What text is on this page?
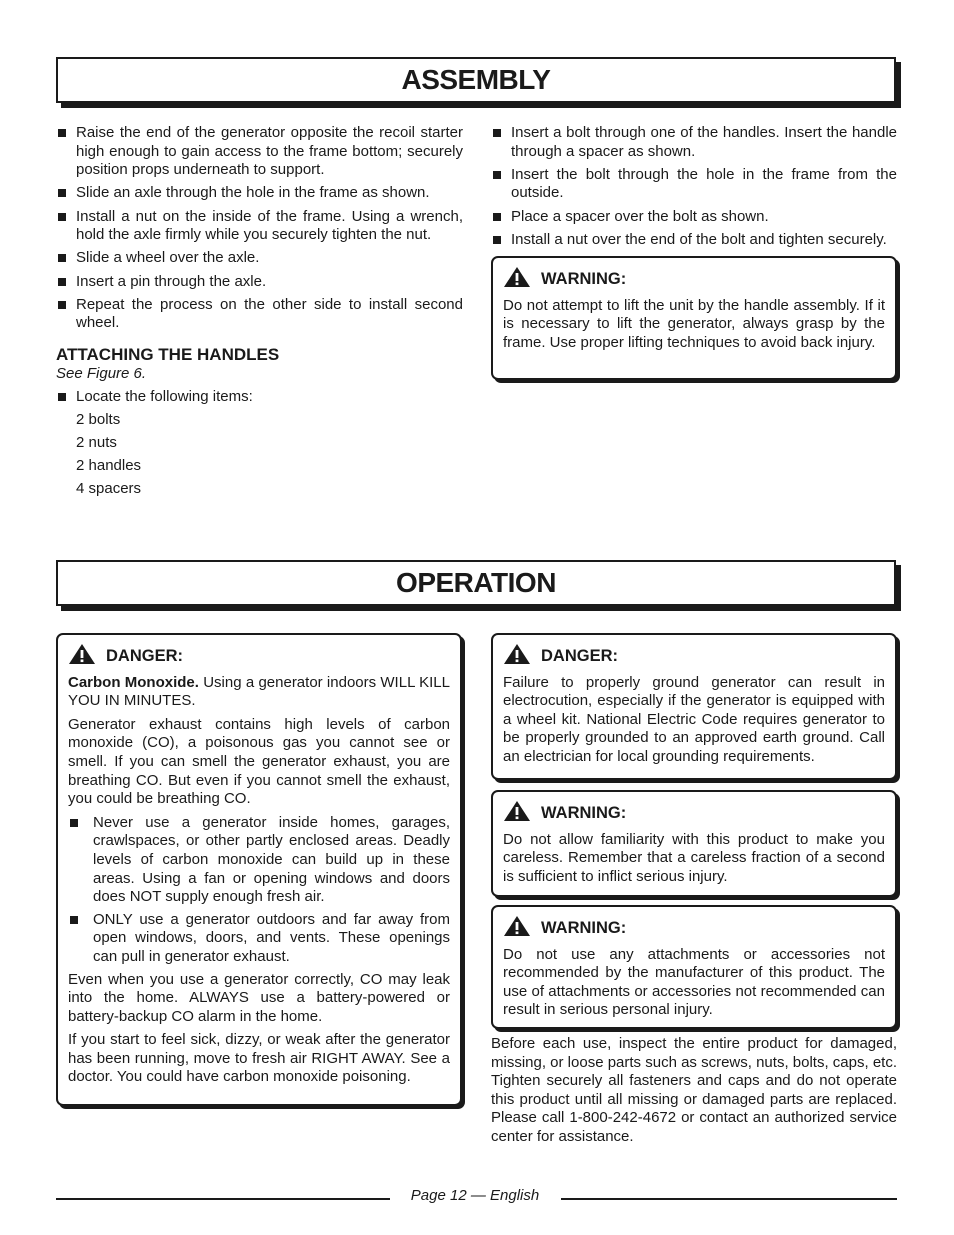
ASSEMBLY
Raise the end of the generator opposite the recoil starter high enough to gain access to the frame bottom; securely position props underneath to support.
Slide an axle through the hole in the frame as shown.
Install a nut on the inside of the frame. Using a wrench, hold the axle firmly while you securely tighten the nut.
Slide a wheel over the axle.
Insert a pin through the axle.
Repeat the process on the other side to install second wheel.
ATTACHING THE HANDLES
See Figure 6.
Locate the following items:
2 bolts
2 nuts
2 handles
4 spacers
Insert a bolt through one of the handles. Insert the handle through a spacer as shown.
Insert the bolt through the hole in the frame from the outside.
Place a spacer over the bolt as shown.
Install a nut over the end of the bolt and tighten securely.
WARNING:

Do not attempt to lift the unit by the handle assembly. If it is necessary to lift the generator, always grasp by the frame. Use proper lifting techniques to avoid back injury.

OPERATION
DANGER:

Carbon Monoxide. Using a generator indoors WILL KILL YOU IN MINUTES.

Generator exhaust contains high levels of carbon monoxide (CO), a poisonous gas you cannot see or smell. If you can smell the generator exhaust, you are breathing CO. But even if you cannot smell the exhaust, you could be breathing CO.

Never use a generator inside homes, garages, crawlspaces, or other partly enclosed areas. Deadly levels of carbon monoxide can build up in these areas. Using a fan or opening windows and doors does NOT supply enough fresh air.
ONLY use a generator outdoors and far away from open windows, doors, and vents. These openings can pull in generator exhaust.

Even when you use a generator correctly, CO may leak into the home. ALWAYS use a battery-powered or battery-backup CO alarm in the home.

If you start to feel sick, dizzy, or weak after the generator has been running, move to fresh air RIGHT AWAY. See a doctor. You could have carbon monoxide poisoning.

DANGER:

Failure to properly ground generator can result in electrocution, especially if the generator is equipped with a wheel kit. National Electric Code requires generator to be properly grounded to an approved earth ground. Call an electrician for local grounding requirements.

WARNING:

Do not allow familiarity with this product to make you careless. Remember that a careless fraction of a second is sufficient to inflict serious injury.

WARNING:

Do not use any attachments or accessories not recommended by the manufacturer of this product. The use of attachments or accessories not recommended can result in serious personal injury.

Before each use, inspect the entire product for damaged, missing, or loose parts such as screws, nuts, bolts, caps, etc. Tighten securely all fasteners and caps and do not operate this product until all missing or damaged parts are replaced. Please call 1-800-242-4672 or contact an authorized service center for assistance.
Page 12 — English
